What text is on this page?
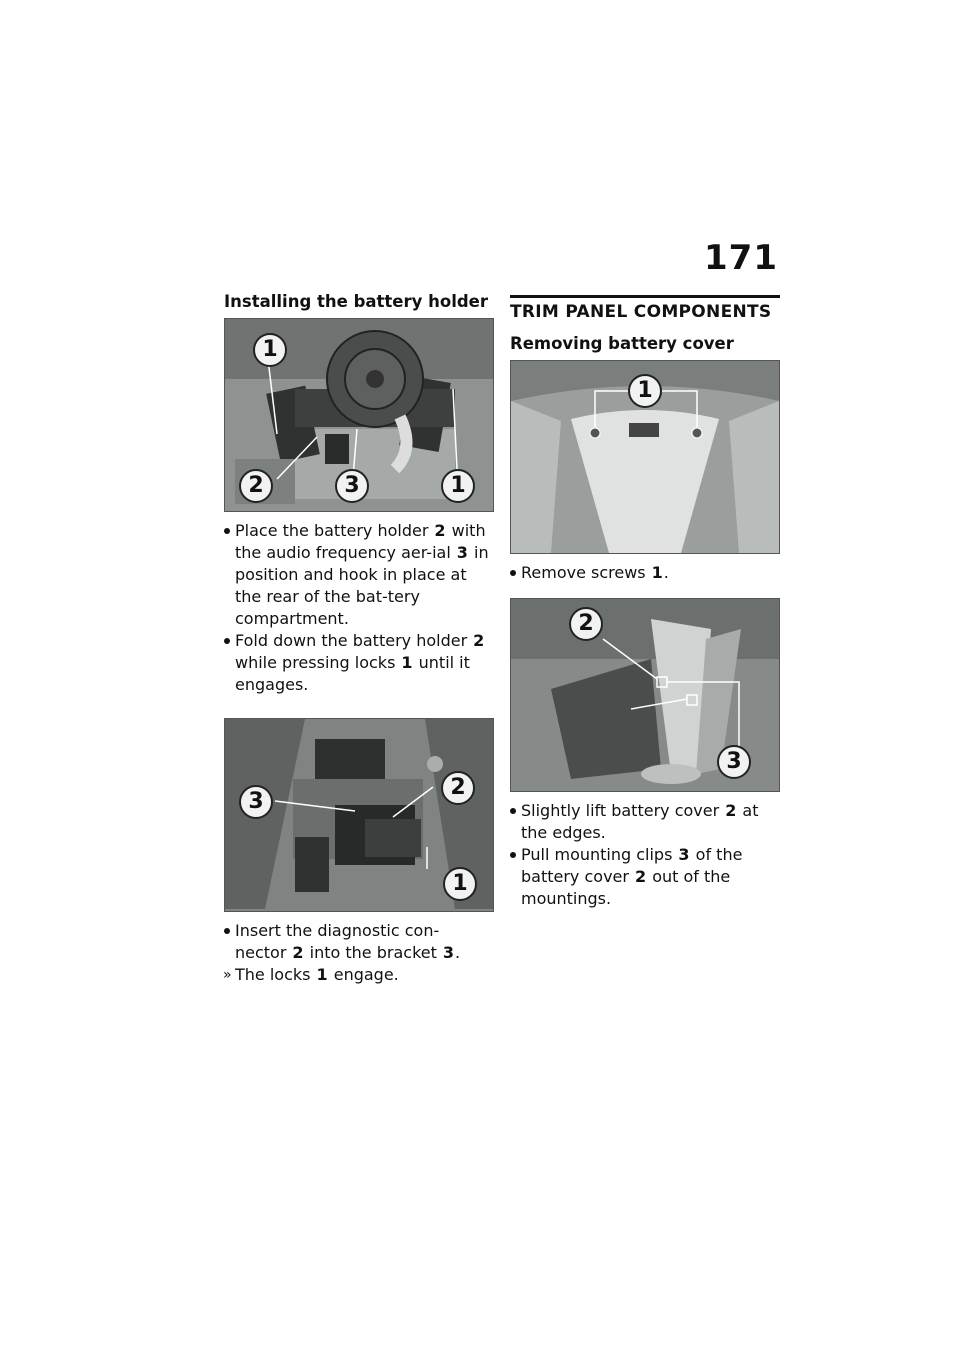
171
Installing the battery holder
1
2	3	1
Place the battery holder 2 with the audio frequency aer-ial 3 in position and hook in place at the rear of the bat-tery compartment.
Fold down the battery holder 2 while pressing locks 1 until it engages.
3
2
1
Insert the diagnostic con-nector 2 into the bracket 3.
» The locks 1 engage.
TRIM PANEL COMPONENTS
Removing battery cover
1
Remove screws 1.
2
3
Slightly lift battery cover 2 at the edges.
Pull mounting clips 3 of the battery cover 2 out of the mountings.
